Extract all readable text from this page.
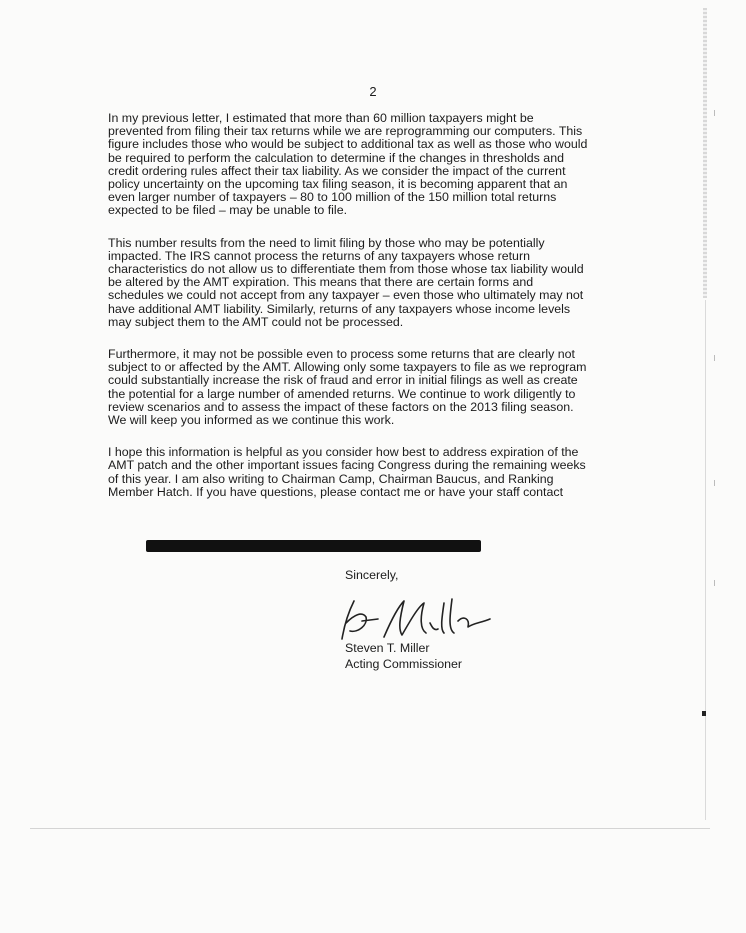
2

In my previous letter, I estimated that more than 60 million taxpayers might be
prevented from filing their tax returns while we are reprogramming our computers. This
figure includes those who would be subject to additional tax as well as those who would
be required to perform the calculation to determine if the changes in thresholds and
credit ordering rules affect their tax liability. As we consider the impact of the current
policy uncertainty on the upcoming tax filing season, it is becoming apparent that an
even larger number of taxpayers – 80 to 100 million of the 150 million total returns
expected to be filed – may be unable to file.

This number results from the need to limit filing by those who may be potentially
impacted. The IRS cannot process the returns of any taxpayers whose return
characteristics do not allow us to differentiate them from those whose tax liability would
be altered by the AMT expiration. This means that there are certain forms and
schedules we could not accept from any taxpayer – even those who ultimately may not
have additional AMT liability. Similarly, returns of any taxpayers whose income levels
may subject them to the AMT could not be processed.

Furthermore, it may not be possible even to process some returns that are clearly not
subject to or affected by the AMT. Allowing only some taxpayers to file as we reprogram
could substantially increase the risk of fraud and error in initial filings as well as create
the potential for a large number of amended returns. We continue to work diligently to
review scenarios and to assess the impact of these factors on the 2013 filing season.
We will keep you informed as we continue this work.

I hope this information is helpful as you consider how best to address expiration of the
AMT patch and the other important issues facing Congress during the remaining weeks
of this year. I am also writing to Chairman Camp, Chairman Baucus, and Ranking
Member Hatch. If you have questions, please contact me or have your staff contact

Sincerely,
Steven T. Miller
Acting Commissioner
